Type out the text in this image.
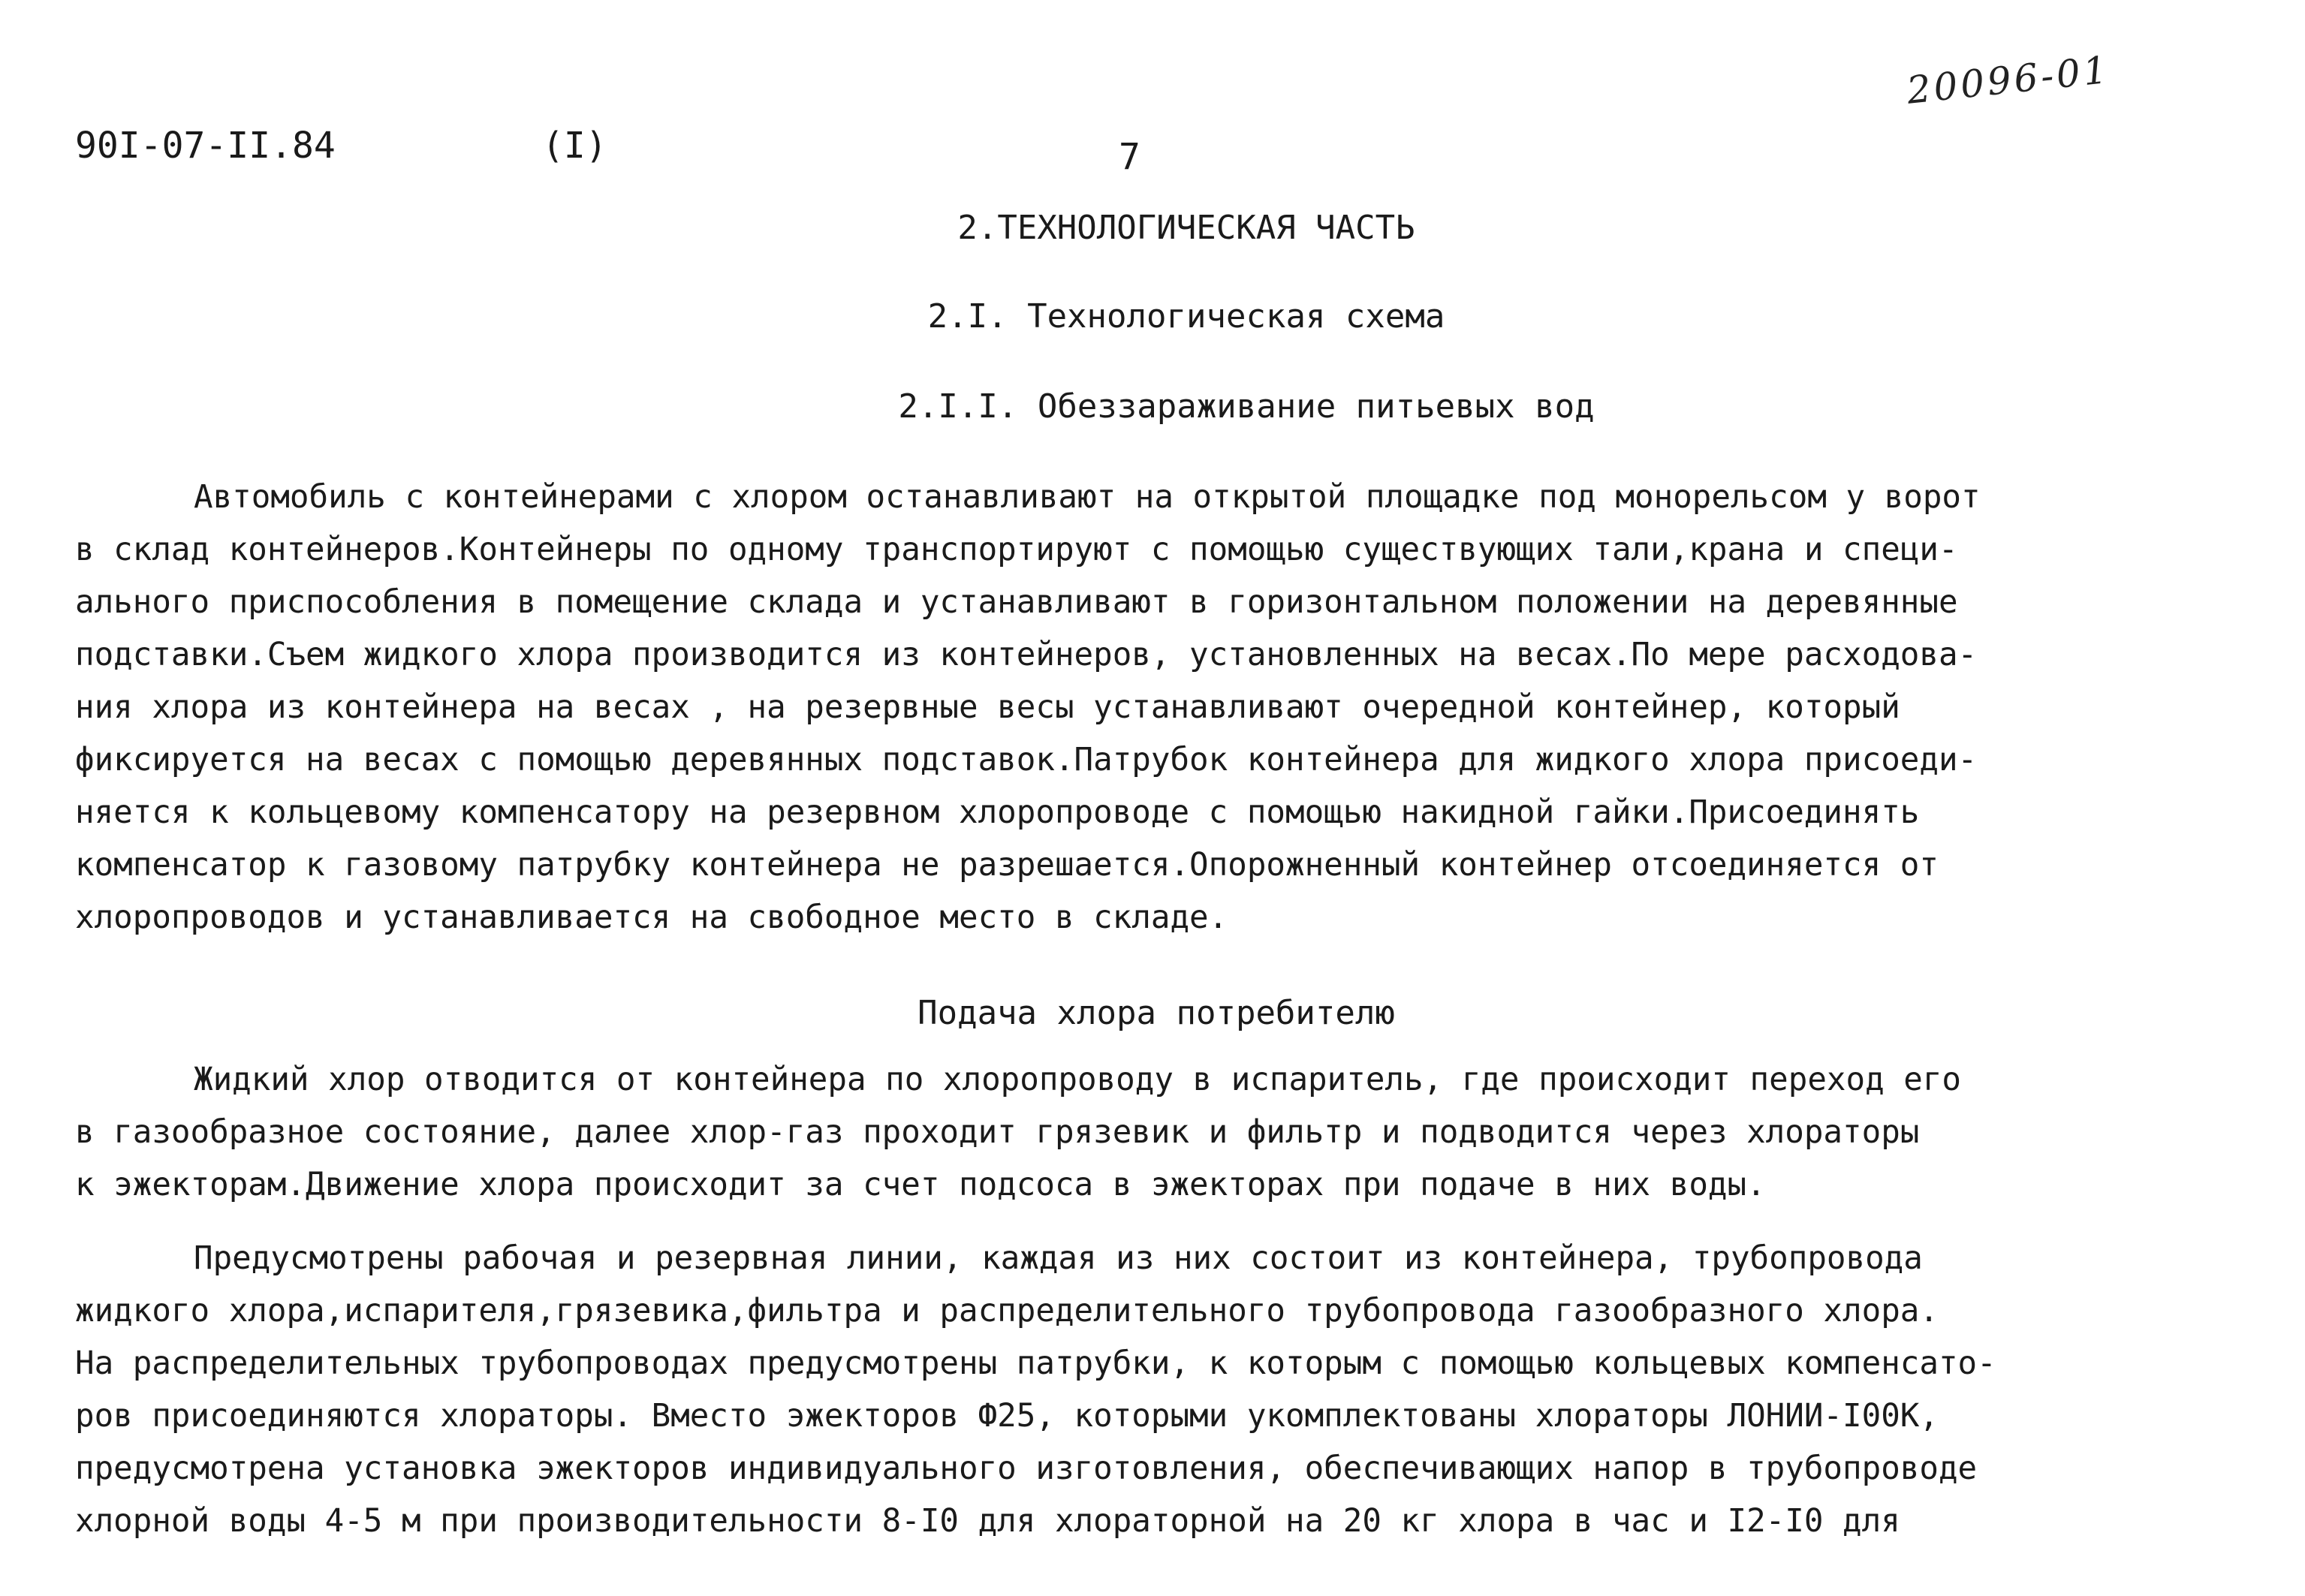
20096-01
90I-07-II.84	(I)	7
2.ТЕХНОЛОГИЧЕСКАЯ ЧАСТЬ
2.I. Технологическая схема
2.I.I. Обеззараживание питьевых вод
Автомобиль с контейнерами с хлором останавливают на открытой площадке под монорельсом у ворот
в склад контейнеров.Контейнеры по одному транспортируют с помощью существующих тали,крана и специ-
ального приспособления в помещение склада и устанавливают в горизонтальном положении на деревянные
подставки.Съем жидкого хлора производится из контейнеров, установленных на весах.По мере расходова-
ния хлора из контейнера на весах , на резервные весы устанавливают очередной контейнер, который
фиксируется на весах с помощью деревянных подставок.Патрубок контейнера для жидкого хлора присоеди-
няется к кольцевому компенсатору на резервном хлоропроводе с помощью накидной гайки.Присоединять
компенсатор к газовому патрубку контейнера не разрешается.Опорожненный контейнер отсоединяется от
хлоропроводов и устанавливается на свободное место в складе.
Подача хлора потребителю
Жидкий хлор отводится от контейнера по хлоропроводу в испаритель, где происходит переход его
в газообразное состояние, далее хлор-газ проходит грязевик и фильтр и подводится через хлораторы
к эжекторам.Движение хлора происходит за счет подсоса в эжекторах при подаче в них воды.
Предусмотрены рабочая и резервная линии, каждая из них состоит из контейнера, трубопровода
жидкого хлора,испарителя,грязевика,фильтра и распределительного трубопровода газообразного хлора.
На распределительных трубопроводах предусмотрены патрубки, к которым с помощью кольцевых компенсато-
ров присоединяются хлораторы. Вместо эжекторов Ф25, которыми укомплектованы хлораторы ЛОНИИ-I00К,
предусмотрена установка эжекторов индивидуального изготовления, обеспечивающих напор в трубопроводе
хлорной воды 4-5 м при производительности 8-I0 для хлораторной на 20 кг хлора в час и I2-I0 для
